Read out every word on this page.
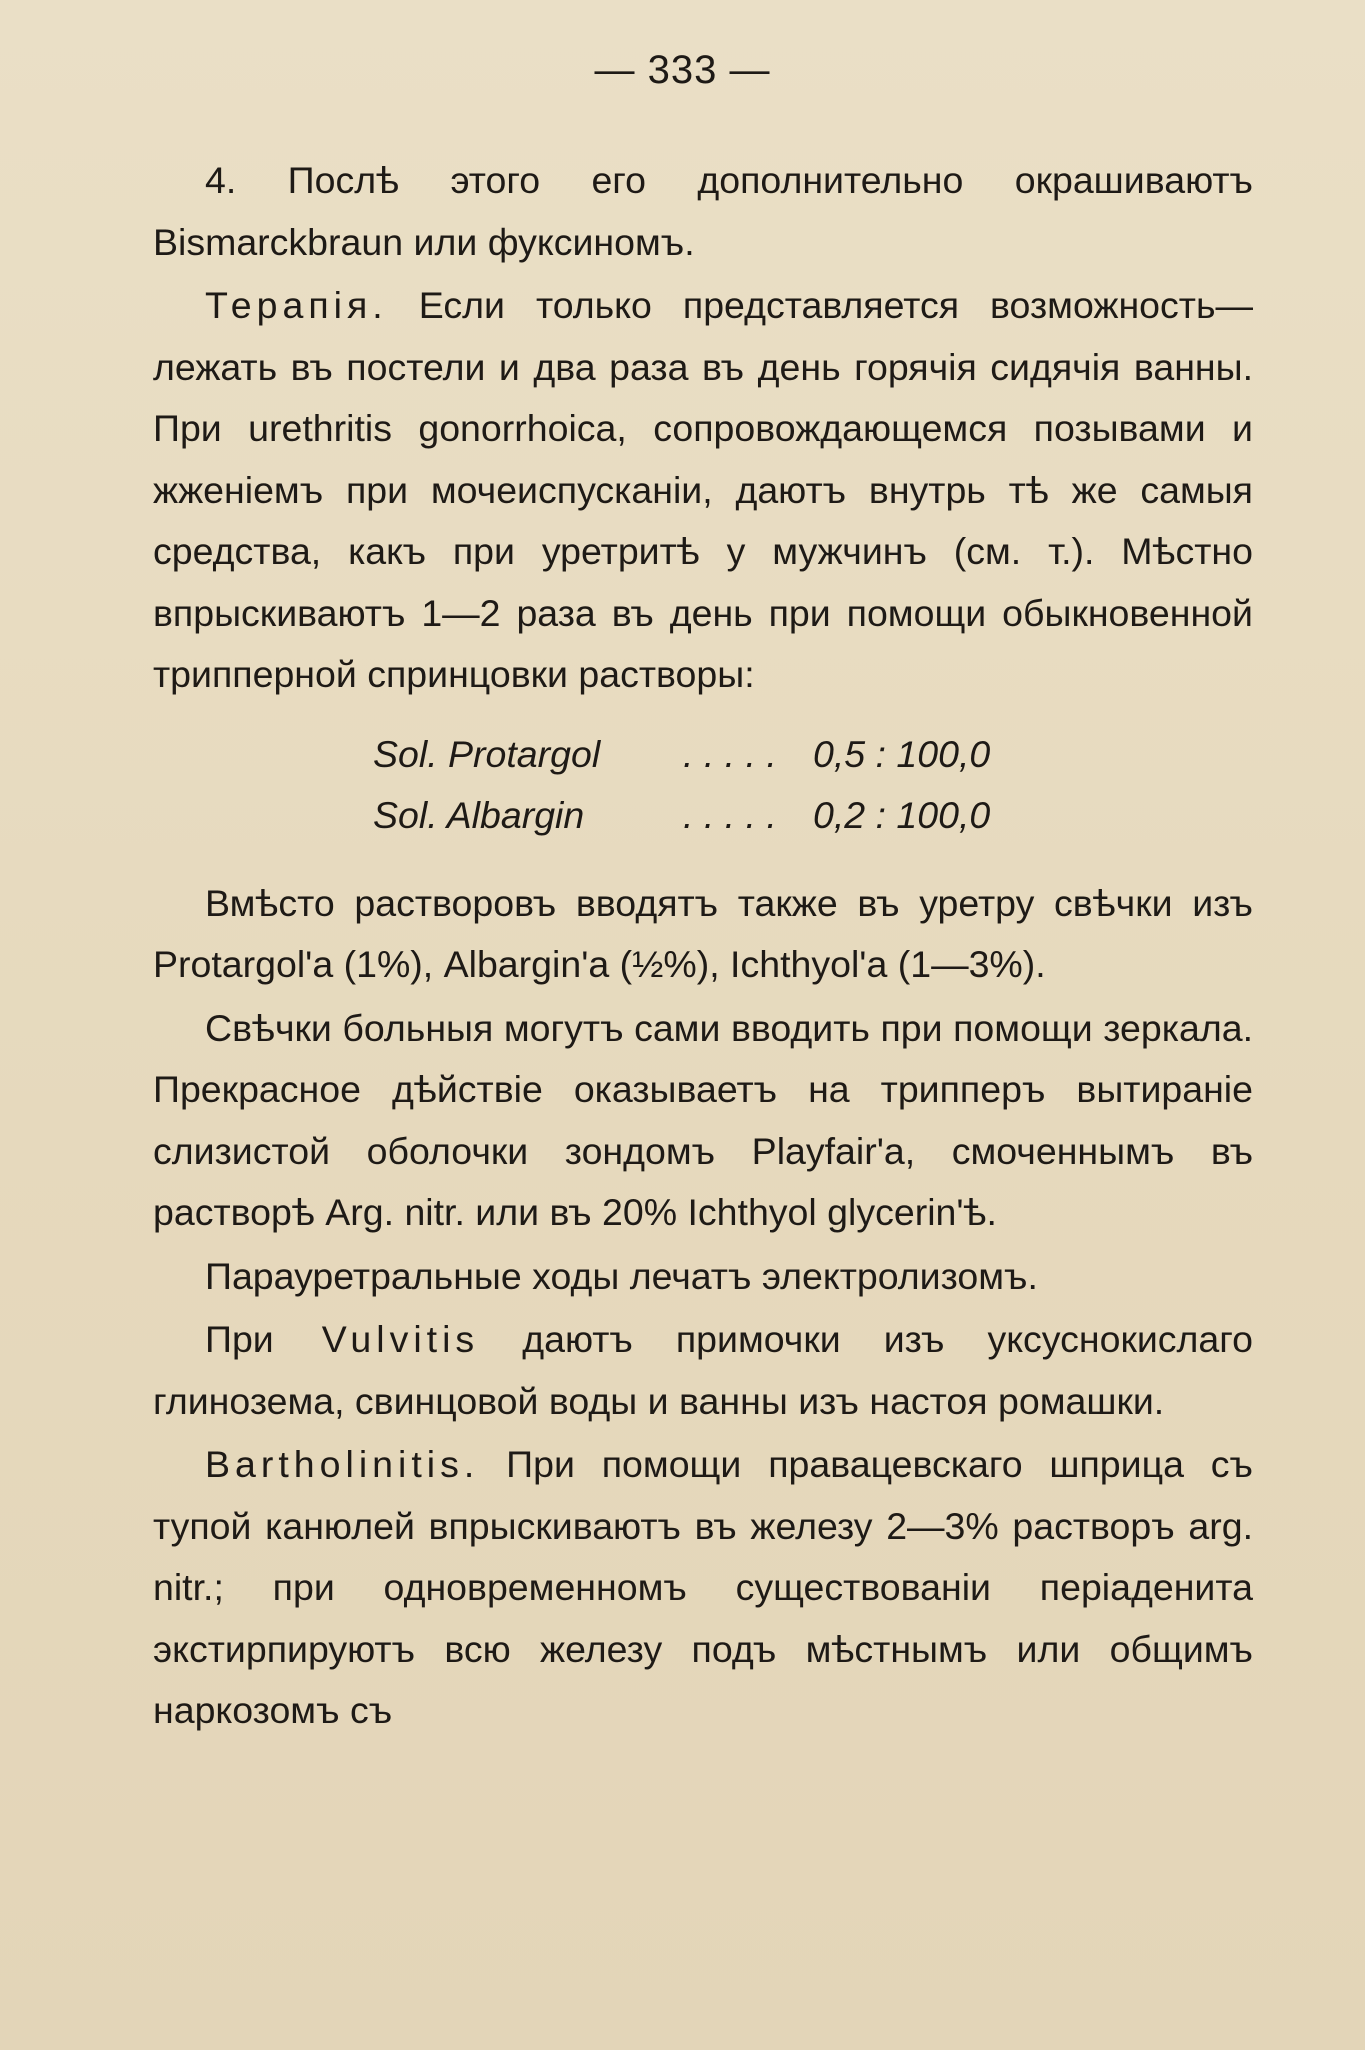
— 333 —

4. Послѣ этого его дополнительно окрашиваютъ Bismarckbraun или фуксиномъ.

Терапія. Если только представляется возможность—лежать въ постели и два раза въ день горячія сидячія ванны. При urethritis gonorrhoica, сопровождающемся позывами и жженіемъ при мочеиспусканіи, даютъ внутрь тѣ же самыя средства, какъ при уретритѣ у мужчинъ (см. т.). Мѣстно впрыскиваютъ 1—2 раза въ день при помощи обыкновенной трипперной спринцовки растворы:

Sol. Protargol	. . . . . 0,5 : 100,0
Sol. Albargin	. . . . . 0,2 : 100,0

Вмѣсто растворовъ вводятъ также въ уретру свѣчки изъ Protargol'а (1%), Albargin'а (½%), Ichthyol'а (1—3%).

Свѣчки больныя могутъ сами вводить при помощи зеркала. Прекрасное дѣйствіе оказываетъ на трипперъ вытираніе слизистой оболочки зондомъ Playfair'а, смоченнымъ въ растворѣ Arg. nitr. или въ 20% Ichthyol glycerin'ѣ.

Парауретральные ходы лечатъ электролизомъ.

При Vulvitis даютъ примочки изъ уксуснокислаго глинозема, свинцовой воды и ванны изъ настоя ромашки.

Bartholinitis. При помощи правацевскаго шприца съ тупой канюлей впрыскиваютъ въ железу 2—3% растворъ arg. nitr.; при одновременномъ существованіи періаденита экстирпируютъ всю железу подъ мѣстнымъ или общимъ наркозомъ съ
